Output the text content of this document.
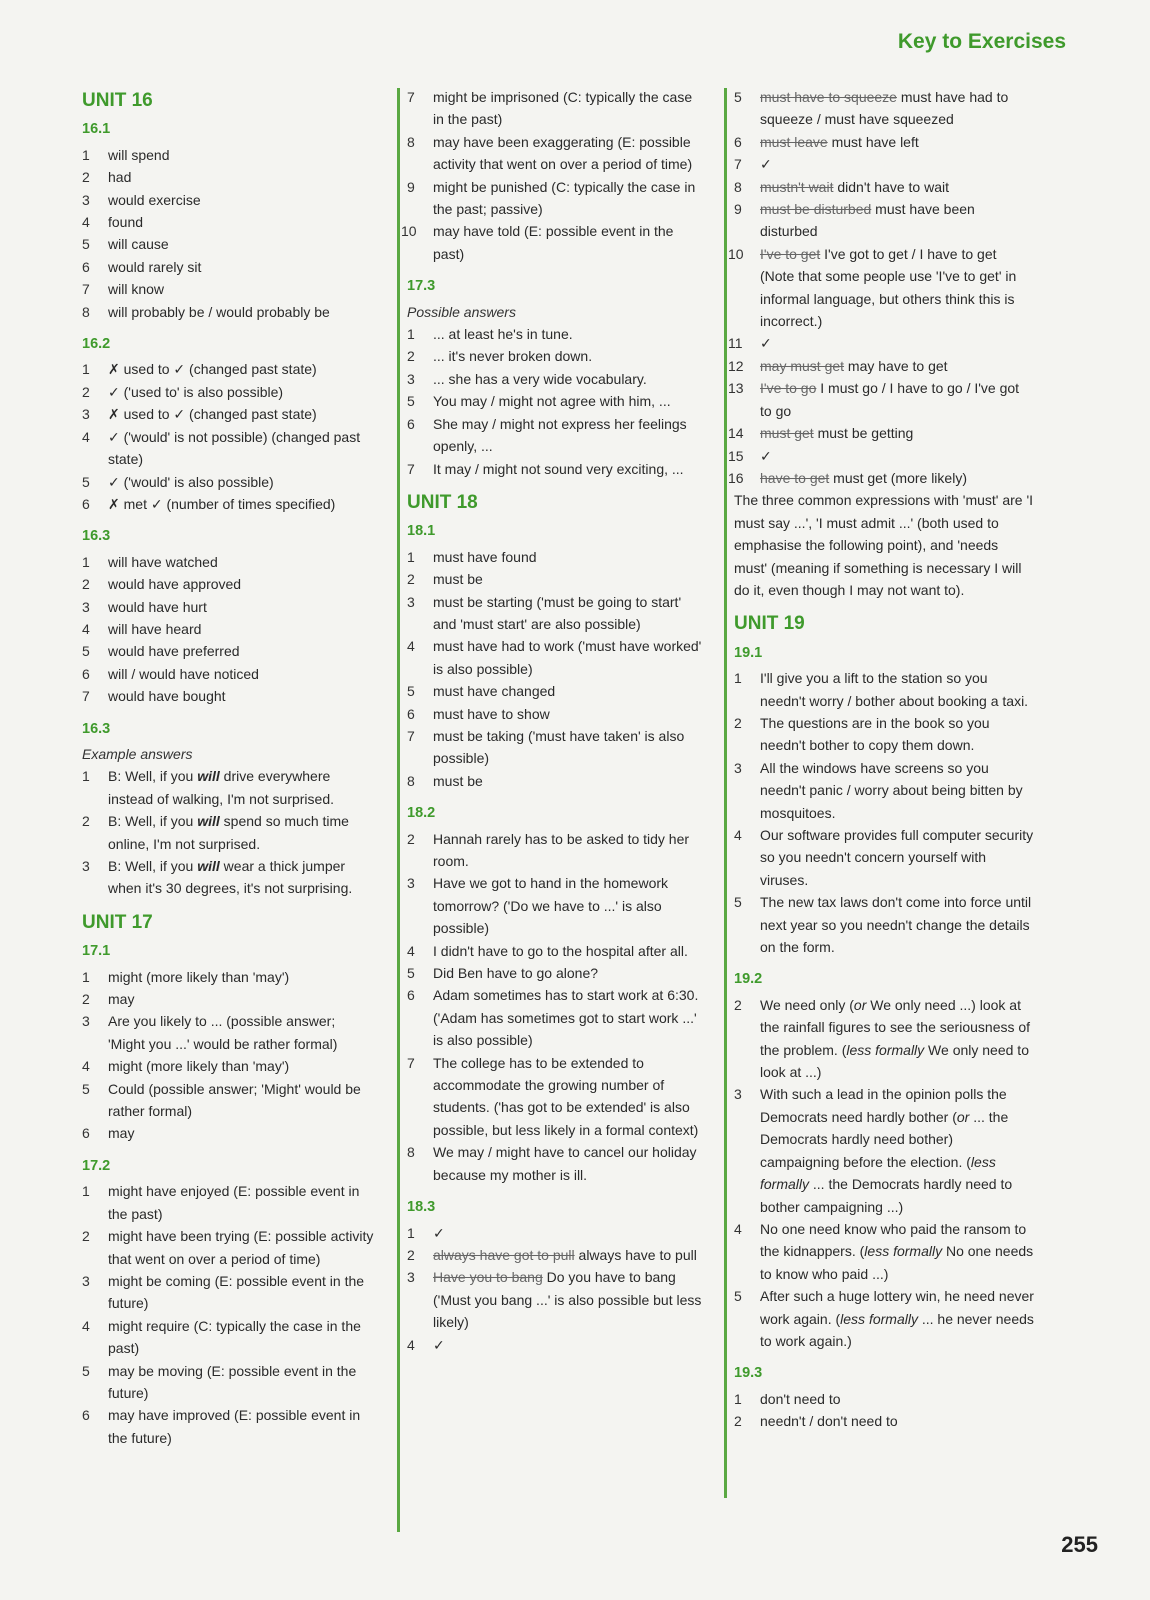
Key to Exercises
UNIT 16
16.1
1	will spend
2	had
3	would exercise
4	found
5	will cause
6	would rarely sit
7	will know
8	will probably be / would probably be
16.2
1	✗ used to ✓ (changed past state)
2	✓ ('used to' is also possible)
3	✗ used to ✓ (changed past state)
4	✓ ('would' is not possible) (changed past state)
5	✓ ('would' is also possible)
6	✗ met ✓ (number of times specified)
16.3
1	will have watched
2	would have approved
3	would have hurt
4	will have heard
5	would have preferred
6	will / would have noticed
7	would have bought
16.3
Example answers
1	B: Well, if you will drive everywhere instead of walking, I'm not surprised.
2	B: Well, if you will spend so much time online, I'm not surprised.
3	B: Well, if you will wear a thick jumper when it's 30 degrees, it's not surprising.
UNIT 17
17.1
1	might (more likely than 'may')
2	may
3	Are you likely to ... (possible answer; 'Might you ...' would be rather formal)
4	might (more likely than 'may')
5	Could (possible answer; 'Might' would be rather formal)
6	may
17.2
1	might have enjoyed (E: possible event in the past)
2	might have been trying (E: possible activity that went on over a period of time)
3	might be coming (E: possible event in the future)
4	might require (C: typically the case in the past)
5	may be moving (E: possible event in the future)
6	may have improved (E: possible event in the future)
7	might be imprisoned (C: typically the case in the past)
8	may have been exaggerating (E: possible activity that went on over a period of time)
9	might be punished (C: typically the case in the past; passive)
10	may have told (E: possible event in the past)
17.3
Possible answers
1	... at least he's in tune.
2	... it's never broken down.
3	... she has a very wide vocabulary.
5	You may / might not agree with him, ...
6	She may / might not express her feelings openly, ...
7	It may / might not sound very exciting, ...
UNIT 18
18.1
1	must have found
2	must be
3	must be starting ('must be going to start' and 'must start' are also possible)
4	must have had to work ('must have worked' is also possible)
5	must have changed
6	must have to show
7	must be taking ('must have taken' is also possible)
8	must be
18.2
2	Hannah rarely has to be asked to tidy her room.
3	Have we got to hand in the homework tomorrow? ('Do we have to ...' is also possible)
4	I didn't have to go to the hospital after all.
5	Did Ben have to go alone?
6	Adam sometimes has to start work at 6:30. ('Adam has sometimes got to start work ...' is also possible)
7	The college has to be extended to accommodate the growing number of students. ('has got to be extended' is also possible, but less likely in a formal context)
8	We may / might have to cancel our holiday because my mother is ill.
18.3
1	✓
2	always have got to pull always have to pull
3	Have you to bang Do you have to bang ('Must you bang ...' is also possible but less likely)
4	✓
5	must have to squeeze must have had to squeeze / must have squeezed
6	must leave must have left
7	✓
8	mustn't wait didn't have to wait
9	must be disturbed must have been disturbed
10	I've to get I've got to get / I have to get (Note that some people use 'I've to get' in informal language, but others think this is incorrect.)
11	✓
12	may must get may have to get
13	I've to go I must go / I have to go / I've got to go
14	must get must be getting
15	✓
16	have to get must get (more likely)
The three common expressions with 'must' are 'I must say ...', 'I must admit ...' (both used to emphasise the following point), and 'needs must' (meaning if something is necessary I will do it, even though I may not want to).
UNIT 19
19.1
1	I'll give you a lift to the station so you needn't worry / bother about booking a taxi.
2	The questions are in the book so you needn't bother to copy them down.
3	All the windows have screens so you needn't panic / worry about being bitten by mosquitoes.
4	Our software provides full computer security so you needn't concern yourself with viruses.
5	The new tax laws don't come into force until next year so you needn't change the details on the form.
19.2
2	We need only (or We only need ...) look at the rainfall figures to see the seriousness of the problem. (less formally We only need to look at ...)
3	With such a lead in the opinion polls the Democrats need hardly bother (or ... the Democrats hardly need bother) campaigning before the election. (less formally ... the Democrats hardly need to bother campaigning ...)
4	No one need know who paid the ransom to the kidnappers. (less formally No one needs to know who paid ...)
5	After such a huge lottery win, he need never work again. (less formally ... he never needs to work again.)
19.3
1	don't need to
2	needn't / don't need to
255
